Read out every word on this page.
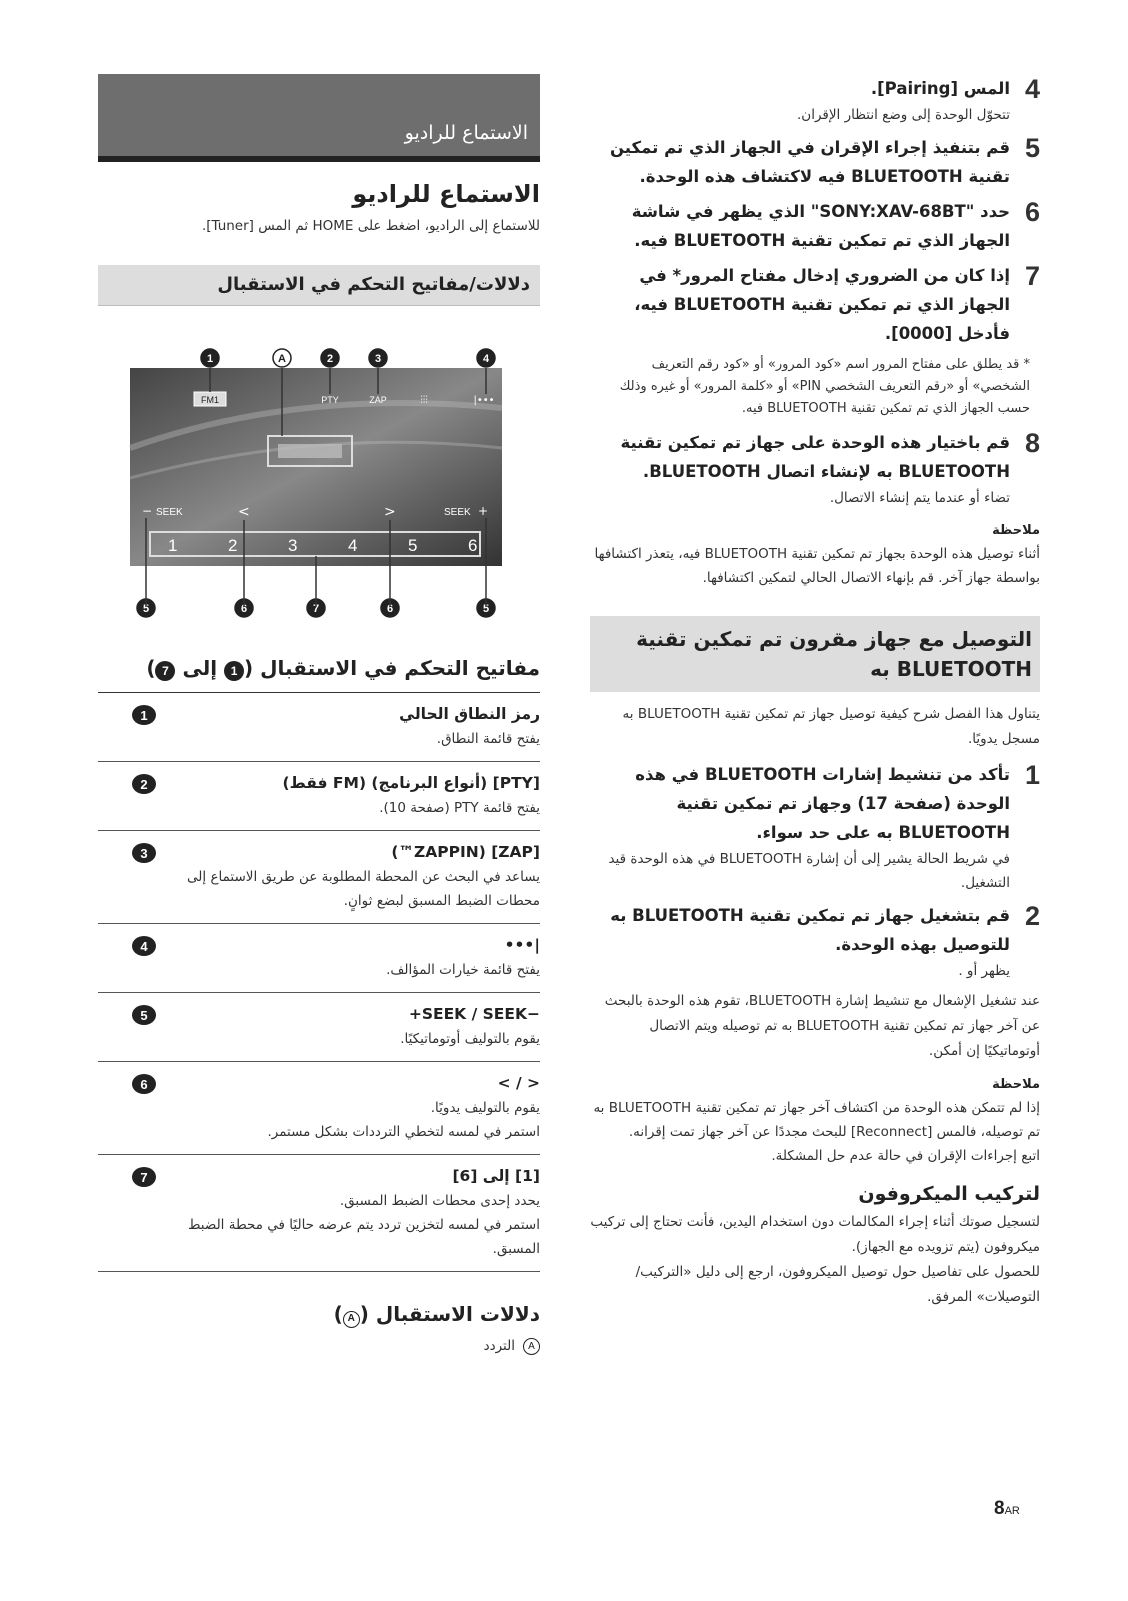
4
المس [Pairing].
تتحوّل الوحدة إلى وضع انتظار الإقران.
5
قم بتنفيذ إجراء الإقران في الجهاز الذي تم تمكين تقنية BLUETOOTH فيه لاكتشاف هذه الوحدة.
6
حدد "SONY:XAV-68BT" الذي يظهر في شاشة الجهاز الذي تم تمكين تقنية BLUETOOTH فيه.
7
إذا كان من الضروري إدخال مفتاح المرور* في الجهاز الذي تم تمكين تقنية BLUETOOTH فيه، فأدخل [0000].
* قد يطلق على مفتاح المرور اسم «كود المرور» أو «كود رقم التعريف الشخصي» أو «رقم التعريف الشخصي PIN» أو «كلمة المرور» أو غيره وذلك حسب الجهاز الذي تم تمكين تقنية BLUETOOTH فيه.
8
قم باختيار هذه الوحدة على جهاز تم تمكين تقنية BLUETOOTH به لإنشاء اتصال BLUETOOTH.
تضاء أو عندما يتم إنشاء الاتصال.
ملاحظة
أثناء توصيل هذه الوحدة بجهاز تم تمكين تقنية BLUETOOTH فيه، يتعذر اكتشافها بواسطة جهاز آخر. قم بإنهاء الاتصال الحالي لتمكين اكتشافها.
التوصيل مع جهاز مقرون تم تمكين تقنية BLUETOOTH به
يتناول هذا الفصل شرح كيفية توصيل جهاز تم تمكين تقنية BLUETOOTH به مسجل يدويًا.
1
تأكد من تنشيط إشارات BLUETOOTH في هذه الوحدة (صفحة 17) وجهاز تم تمكين تقنية BLUETOOTH به على حد سواء.
في شريط الحالة يشير إلى أن إشارة BLUETOOTH في هذه الوحدة قيد التشغيل.
2
قم بتشغيل جهاز تم تمكين تقنية BLUETOOTH به للتوصيل بهذه الوحدة.
يظهر أو .
عند تشغيل الإشعال مع تنشيط إشارة BLUETOOTH، تقوم هذه الوحدة بالبحث عن آخر جهاز تم تمكين تقنية BLUETOOTH به تم توصيله ويتم الاتصال أوتوماتيكيًا إن أمكن.
ملاحظة
إذا لم تتمكن هذه الوحدة من اكتشاف آخر جهاز تم تمكين تقنية BLUETOOTH به تم توصيله، فالمس [Reconnect] للبحث مجددًا عن آخر جهاز تمت إقرانه.
اتبع إجراءات الإقران في حالة عدم حل المشكلة.
لتركيب الميكروفون
لتسجيل صوتك أثناء إجراء المكالمات دون استخدام اليدين، فأنت تحتاج إلى تركيب ميكروفون (يتم تزويده مع الجهاز).
للحصول على تفاصيل حول توصيل الميكروفون، ارجع إلى دليل «التركيب/التوصيلات» المرفق.
الاستماع للراديو
الاستماع للراديو
للاستماع إلى الراديو، اضغط على HOME ثم المس [Tuner].
دلالات/مفاتيح التحكم في الاستقبال
FM1	PTY	ZAP	⫶⫶⫶	|•••
SEEK	SEEK +
−	<	>
1	2	3	4	5	6
1	A	2	3	4
5	6	7	6	5
مفاتيح التحكم في الاستقبال (1 إلى 7)
رمز النطاق الحالي
يفتح قائمة النطاق.
1
[PTY] (أنواع البرنامج) (FM فقط)
يفتح قائمة PTY (صفحة 10).
2
[ZAP] (ZAPPIN™)
يساعد في البحث عن المحطة المطلوبة عن طريق الاستماع إلى محطات الضبط المسبق لبضع ثوانٍ.
3
|•••
يفتح قائمة خيارات المؤالف.
4
−SEEK / SEEK+
يقوم بالتوليف أوتوماتيكيًا.
5
< / >
يقوم بالتوليف يدويًا.
استمر في لمسه لتخطي الترددات بشكل مستمر.
6
[1] إلى [6]
يحدد إحدى محطات الضبط المسبق.
استمر في لمسه لتخزين تردد يتم عرضه حاليًا في محطة الضبط المسبق.
7
دلالات الاستقبال (A)
A
التردد
8AR
